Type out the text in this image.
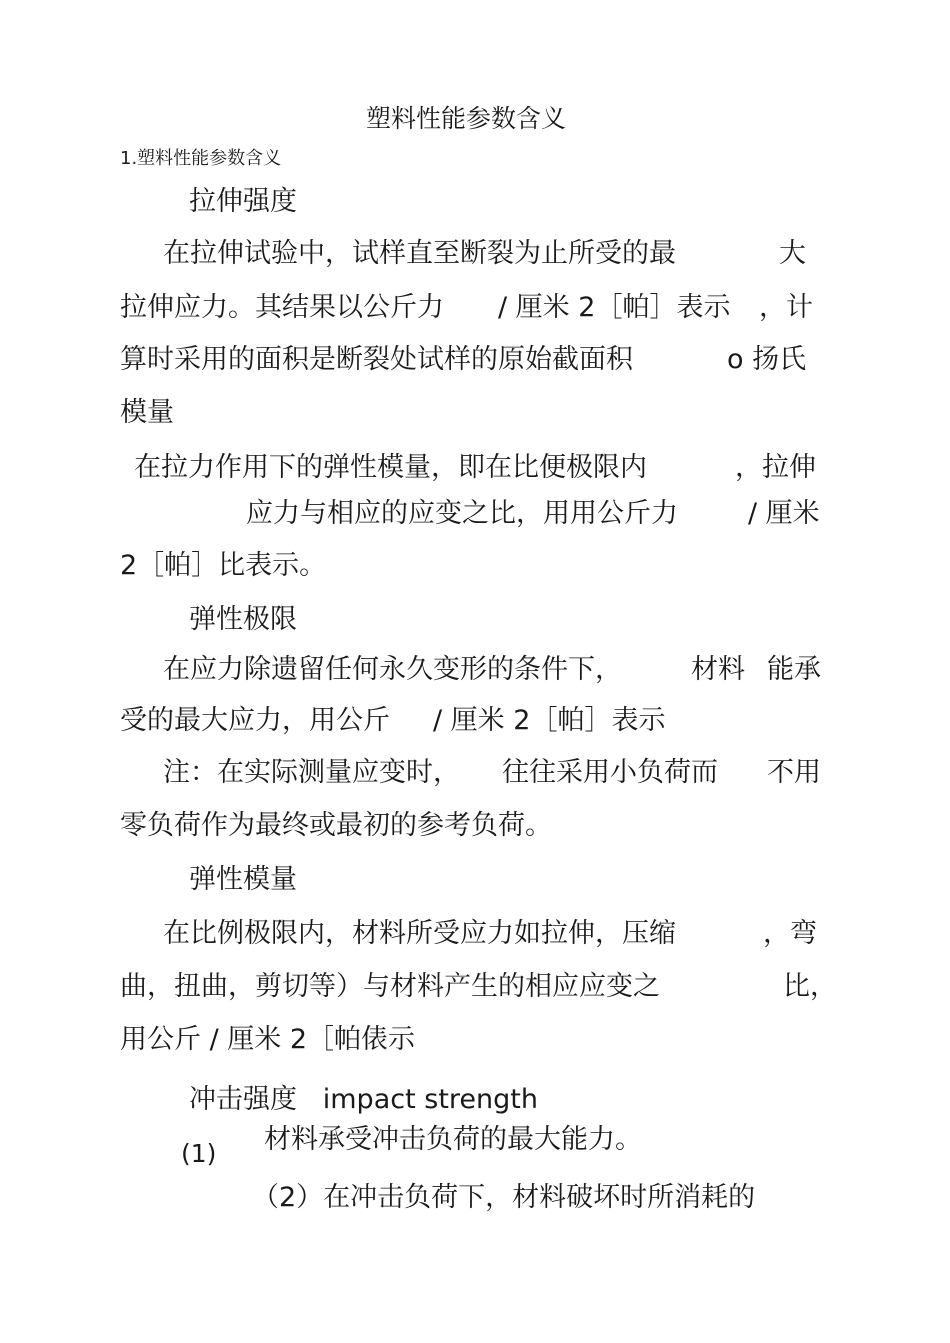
塑料性能参数含义
1.塑料性能参数含义
拉伸强度
在拉伸试验中，试样直至断裂为止所受的最	大
拉伸应力。其结果以公斤力 / 厘米 2［帕］表示 ，计
算时采用的面积是断裂处试样的原始截面积	o 扬氏
模量
在拉力作用下的弹性模量，即在比便极限内	，拉伸
应力与相应的应变之比，用用公斤力	/ 厘米
2［帕］比表示。
弹性极限
在应力除遗留任何永久变形的条件下，	材料 能承
受的最大应力，用公斤 / 厘米 2［帕］表示
注：在实际测量应变时， 往往采用小负荷而 不用
零负荷作为最终或最初的参考负荷。
弹性模量
在比例极限内，材料所受应力如拉伸，压缩	，弯
曲，扭曲，剪切等）与材料产生的相应应变之	比，
用公斤 / 厘米 2［帕俵示
冲击强度   impact strength
(1) 材料承受冲击负荷的最大能力。
（2）在冲击负荷下，材料破坏时所消耗的
